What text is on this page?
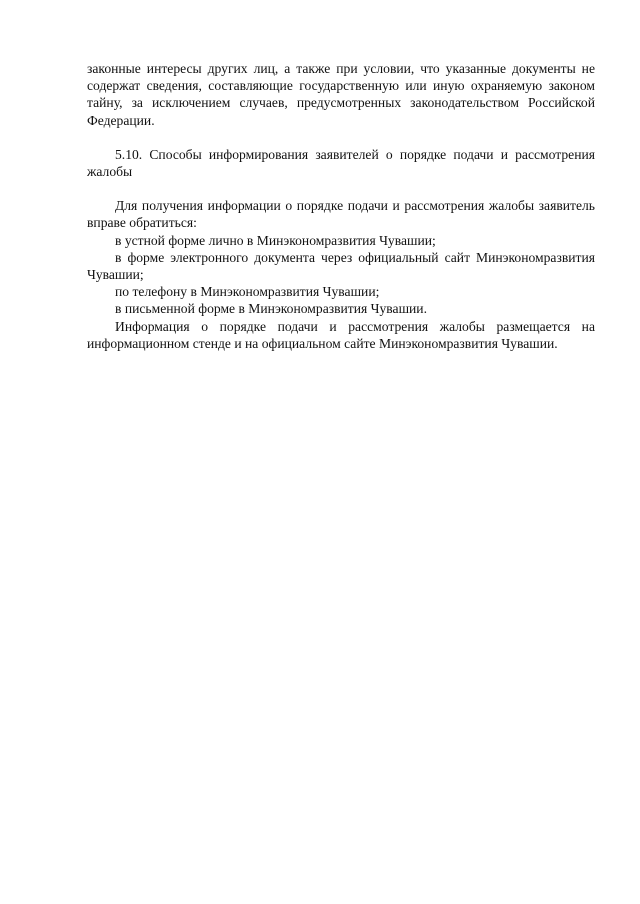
законные интересы других лиц, а также при условии, что указанные документы не содержат сведения, составляющие государственную или иную охраняемую законом тайну, за исключением случаев, предусмотренных законодательством Российской Федерации.

5.10. Способы информирования заявителей о порядке подачи и рассмотрения жалобы

Для получения информации о порядке подачи и рассмотрения жалобы заявитель вправе обратиться:

в устной форме лично в Минэкономразвития Чувашии;

в форме электронного документа через официальный сайт Минэкономразвития Чувашии;

по телефону в Минэкономразвития Чувашии;

в письменной форме в Минэкономразвития Чувашии.

Информация о порядке подачи и рассмотрения жалобы размещается на информационном стенде и на официальном сайте Минэкономразвития Чувашии.
